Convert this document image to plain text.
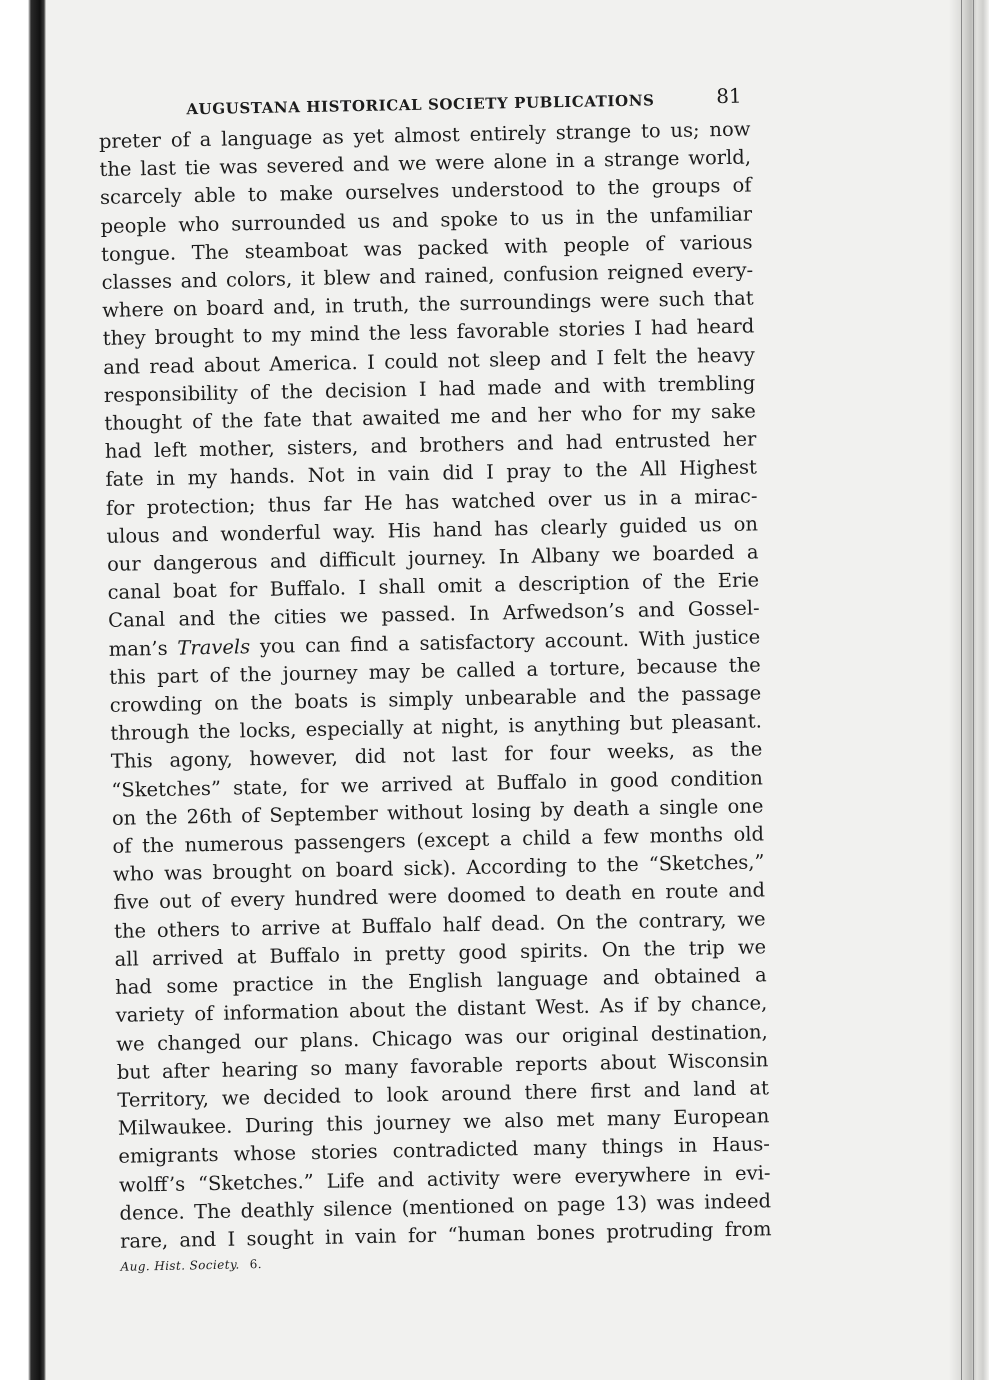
AUGUSTANA HISTORICAL SOCIETY PUBLICATIONS	81
preter of a language as yet almost entirely strange to us; now
the last tie was severed and we were alone in a strange world,
scarcely able to make ourselves understood to the groups of
people who surrounded us and spoke to us in the unfamiliar
tongue. The steamboat was packed with people of various
classes and colors, it blew and rained, confusion reigned every-
where on board and, in truth, the surroundings were such that
they brought to my mind the less favorable stories I had heard
and read about America. I could not sleep and I felt the heavy
responsibility of the decision I had made and with trembling
thought of the fate that awaited me and her who for my sake
had left mother, sisters, and brothers and had entrusted her
fate in my hands. Not in vain did I pray to the All Highest
for protection; thus far He has watched over us in a mirac-
ulous and wonderful way. His hand has clearly guided us on
our dangerous and difficult journey. In Albany we boarded a
canal boat for Buffalo. I shall omit a description of the Erie
Canal and the cities we passed. In Arfwedson’s and Gossel-
man’s Travels you can find a satisfactory account. With justice
this part of the journey may be called a torture, because the
crowding on the boats is simply unbearable and the passage
through the locks, especially at night, is anything but pleasant.
This agony, however, did not last for four weeks, as the
“Sketches” state, for we arrived at Buffalo in good condition
on the 26th of September without losing by death a single one
of the numerous passengers (except a child a few months old
who was brought on board sick). According to the “Sketches,”
five out of every hundred were doomed to death en route and
the others to arrive at Buffalo half dead. On the contrary, we
all arrived at Buffalo in pretty good spirits. On the trip we
had some practice in the English language and obtained a
variety of information about the distant West. As if by chance,
we changed our plans. Chicago was our original destination,
but after hearing so many favorable reports about Wisconsin
Territory, we decided to look around there first and land at
Milwaukee. During this journey we also met many European
emigrants whose stories contradicted many things in Haus-
wolff’s “Sketches.” Life and activity were everywhere in evi-
dence. The deathly silence (mentioned on page 13) was indeed
rare, and I sought in vain for “human bones protruding from
Aug. Hist. Society. 6.
